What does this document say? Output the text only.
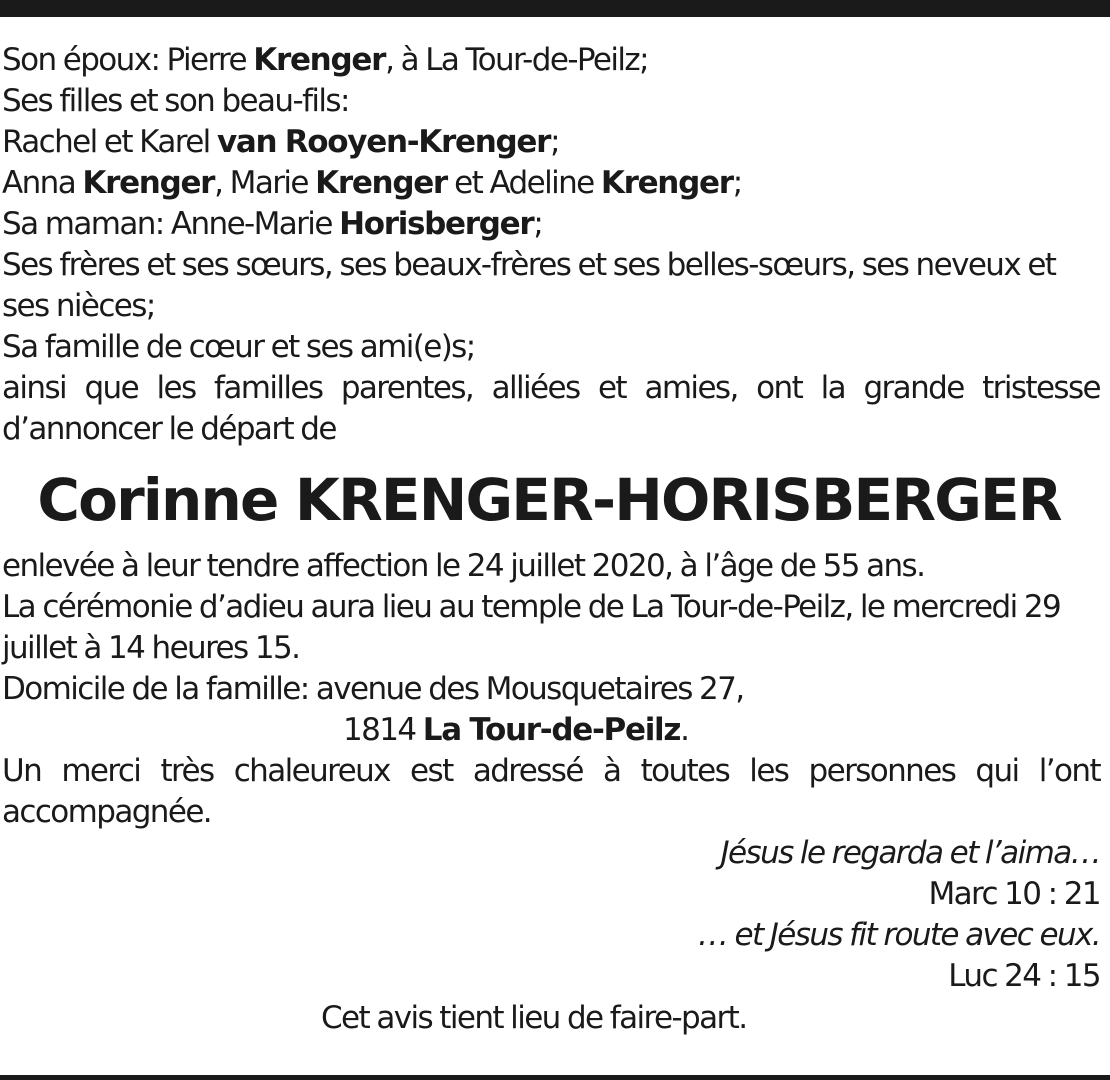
Son époux: Pierre Krenger, à La Tour-de-Peilz;

Ses filles et son beau-fils:

Rachel et Karel van Rooyen-Krenger;

Anna Krenger, Marie Krenger et Adeline Krenger;

Sa maman: Anne-Marie Horisberger;

Ses frères et ses sœurs, ses beaux-frères et ses belles-sœurs, ses neveux et ses nièces;

Sa famille de cœur et ses ami(e)s;

ainsi que les familles parentes, alliées et amies, ont la grande tristesse d’annoncer le départ de

Corinne KRENGER-HORISBERGER

enlevée à leur tendre affection le 24 juillet 2020, à l’âge de 55 ans.

La cérémonie d’adieu aura lieu au temple de La Tour-de-Peilz, le mercredi 29 juillet à 14 heures 15.

Domicile de la famille: avenue des Mousquetaires 27,

1814 La Tour-de-Peilz.

Un merci très chaleureux est adressé à toutes les personnes qui l’ont accompagnée.

Jésus le regarda et l’aima…

Marc 10 : 21

… et Jésus fit route avec eux.

Luc 24 : 15

Cet avis tient lieu de faire-part.
